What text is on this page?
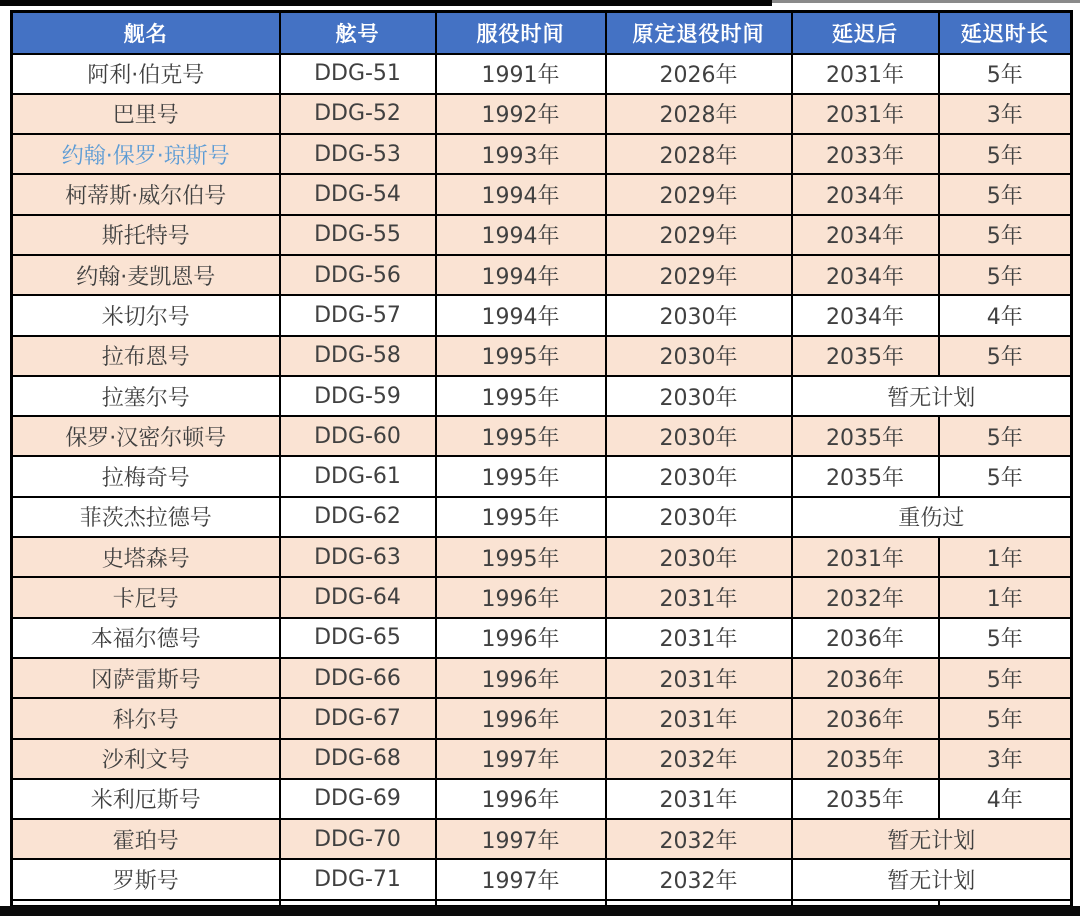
舰名	舷号	服役时间	原定退役时间	延迟后	延迟时长
阿利·伯克号	DDG-51	1991年	2026年	2031年	5年
巴里号	DDG-52	1992年	2028年	2031年	3年
约翰·保罗·琼斯号	DDG-53	1993年	2028年	2033年	5年
柯蒂斯·威尔伯号	DDG-54	1994年	2029年	2034年	5年
斯托特号	DDG-55	1994年	2029年	2034年	5年
约翰·麦凯恩号	DDG-56	1994年	2029年	2034年	5年
米切尔号	DDG-57	1994年	2030年	2034年	4年
拉布恩号	DDG-58	1995年	2030年	2035年	5年
拉塞尔号	DDG-59	1995年	2030年	暂无计划	
保罗·汉密尔顿号	DDG-60	1995年	2030年	2035年	5年
拉梅奇号	DDG-61	1995年	2030年	2035年	5年
菲茨杰拉德号	DDG-62	1995年	2030年	重伤过	
史塔森号	DDG-63	1995年	2030年	2031年	1年
卡尼号	DDG-64	1996年	2031年	2032年	1年
本福尔德号	DDG-65	1996年	2031年	2036年	5年
冈萨雷斯号	DDG-66	1996年	2031年	2036年	5年
科尔号	DDG-67	1996年	2031年	2036年	5年
沙利文号	DDG-68	1997年	2032年	2035年	3年
米利厄斯号	DDG-69	1996年	2031年	2035年	4年
霍珀号	DDG-70	1997年	2032年	暂无计划	
罗斯号	DDG-71	1997年	2032年	暂无计划	
